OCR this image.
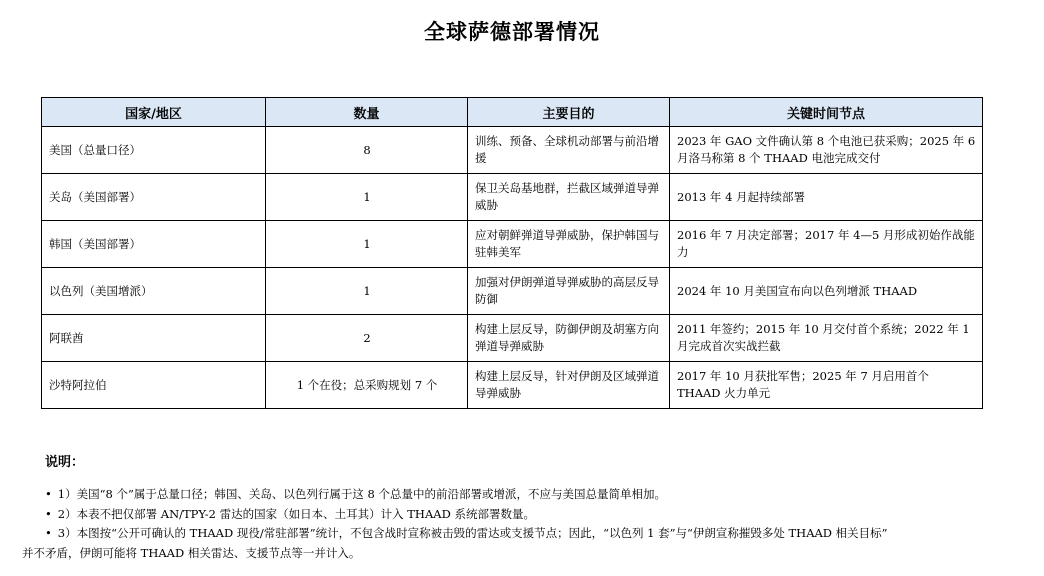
全球萨德部署情况
国家/地区	数量	主要目的	关键时间节点
美国（总量口径）	8	训练、预备、全球机动部署与前沿增援	2023 年 GAO 文件确认第 8 个电池已获采购；2025 年 6 月洛马称第 8 个 THAAD 电池完成交付
关岛（美国部署）	1	保卫关岛基地群，拦截区域弹道导弹威胁	2013 年 4 月起持续部署
韩国（美国部署）	1	应对朝鲜弹道导弹威胁，保护韩国与驻韩美军	2016 年 7 月决定部署；2017 年 4—5 月形成初始作战能力
以色列（美国增派）	1	加强对伊朗弹道导弹威胁的高层反导防御	2024 年 10 月美国宣布向以色列增派 THAAD
阿联酋	2	构建上层反导，防御伊朗及胡塞方向弹道导弹威胁	2011 年签约；2015 年 10 月交付首个系统；2022 年 1 月完成首次实战拦截
沙特阿拉伯	1 个在役；总采购规划 7 个	构建上层反导，针对伊朗及区域弹道导弹威胁	2017 年 10 月获批军售；2025 年 7 月启用首个 THAAD 火力单元
说明：
• 1）美国“8 个”属于总量口径；韩国、关岛、以色列行属于这 8 个总量中的前沿部署或增派，不应与美国总量简单相加。
• 2）本表不把仅部署 AN/TPY-2 雷达的国家（如日本、土耳其）计入 THAAD 系统部署数量。
• 3）本图按“公开可确认的 THAAD 现役/常驻部署”统计，不包含战时宣称被击毁的雷达或支援节点；因此，“以色列 1 套”与“伊朗宣称摧毁多处 THAAD 相关目标”
并不矛盾，伊朗可能将 THAAD 相关雷达、支援节点等一并计入。
